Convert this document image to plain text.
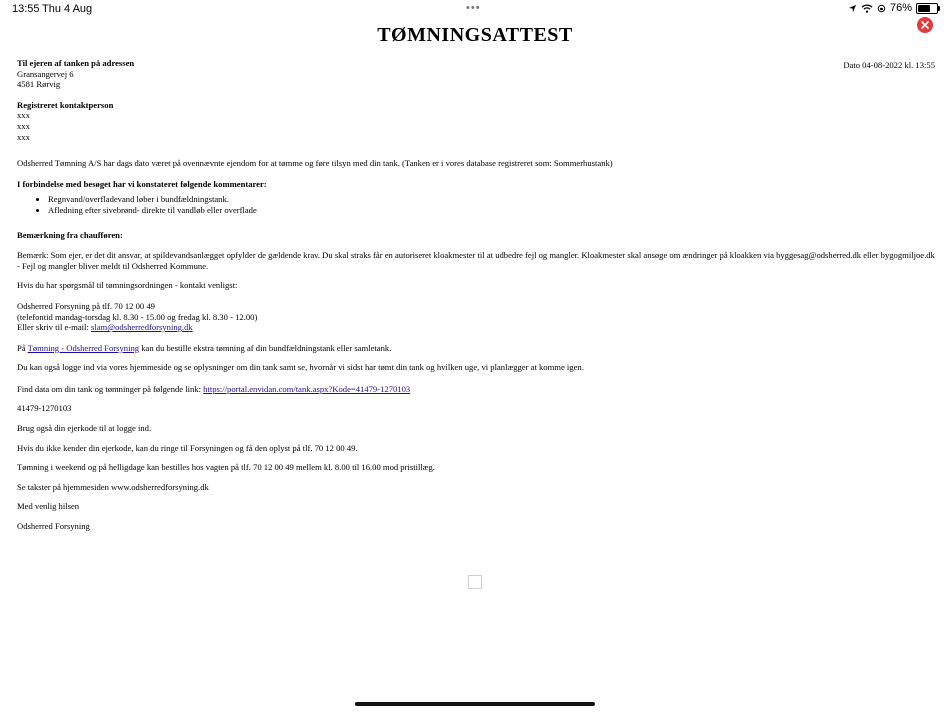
13:55 Thu 4 Aug	•••	76%
TØMNINGSATTEST
Dato 04-08-2022 kl. 13:55

Til ejeren af tanken på adressen

Gransangervej 6

4581 Rørvig

Registreret kontaktperson

xxx

xxx

xxx

Odsherred Tømning A/S har dags dato været på ovennævnte ejendom for at tømme og føre tilsyn med din tank. (Tanken er i vores database registreret som: Sommerhustank)

I forbindelse med besøget har vi konstateret følgende kommentarer:

• Regnvand/overfladevand løber i bundfældningstank.
• Afledning efter sivebrønd- direkte til vandløb eller overflade

Bemærkning fra chaufføren:

Bemærk: Som ejer, er det dit ansvar, at spildevandsanlægget opfylder de gældende krav. Du skal straks får en autoriseret kloakmester til at udbedre fejl og mangler. Kloakmester skal ansøge om ændringer på kloakken via byggesag@odsherred.dk eller bygogmiljoe.dk - Fejl og mangler bliver meldt til Odsherred Kommune.

Hvis du har spørgsmål til tømningsordningen - kontakt venligst:

Odsherred Forsyning på tlf. 70 12 00 49

(telefontid mandag-torsdag kl. 8.30 - 15.00 og fredag kl. 8.30 - 12.00)

Eller skriv til e-mail: slam@odsherredforsyning.dk

På Tømning - Odsherred Forsyning kan du bestille ekstra tømning af din bundfældningstank eller samletank.

Du kan også logge ind via vores hjemmeside og se oplysninger om din tank samt se, hvornår vi sidst har tømt din tank og hvilken uge, vi planlægger at komme igen.

Find data om din tank og tømninger på følgende link: https://portal.envidan.com/tank.aspx?Kode=41479-1270103

41479-1270103

Brug også din ejerkode til at logge ind.

Hvis du ikke kender din ejerkode, kan du ringe til Forsyningen og få den oplyst på tlf. 70 12 00 49.

Tømning i weekend og på helligdage kan bestilles hos vagten på tlf. 70 12 00 49 mellem kl. 8.00 til 16.00 mod pristillæg.

Se takster på hjemmesiden www.odsherredforsyning.dk

Med venlig hilsen

Odsherred Forsyning
